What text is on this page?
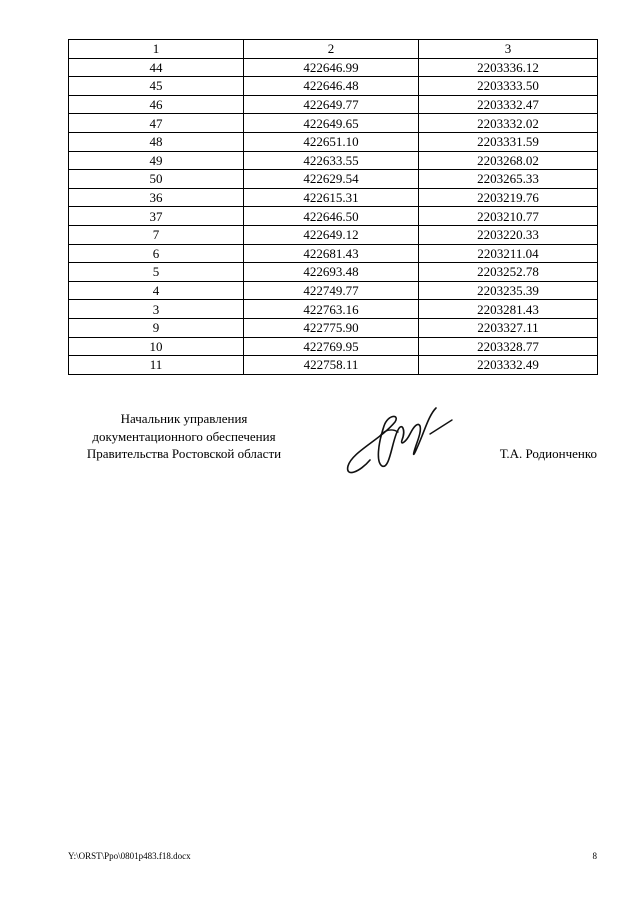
1	2	3
44	422646.99	2203336.12
45	422646.48	2203333.50
46	422649.77	2203332.47
47	422649.65	2203332.02
48	422651.10	2203331.59
49	422633.55	2203268.02
50	422629.54	2203265.33
36	422615.31	2203219.76
37	422646.50	2203210.77
7	422649.12	2203220.33
6	422681.43	2203211.04
5	422693.48	2203252.78
4	422749.77	2203235.39
3	422763.16	2203281.43
9	422775.90	2203327.11
10	422769.95	2203328.77
11	422758.11	2203332.49
Начальник управления
документационного обеспечения
Правительства Ростовской области	Т.А. Родионченко
Y:\ORST\Ppo\0801p483.f18.docx	8
